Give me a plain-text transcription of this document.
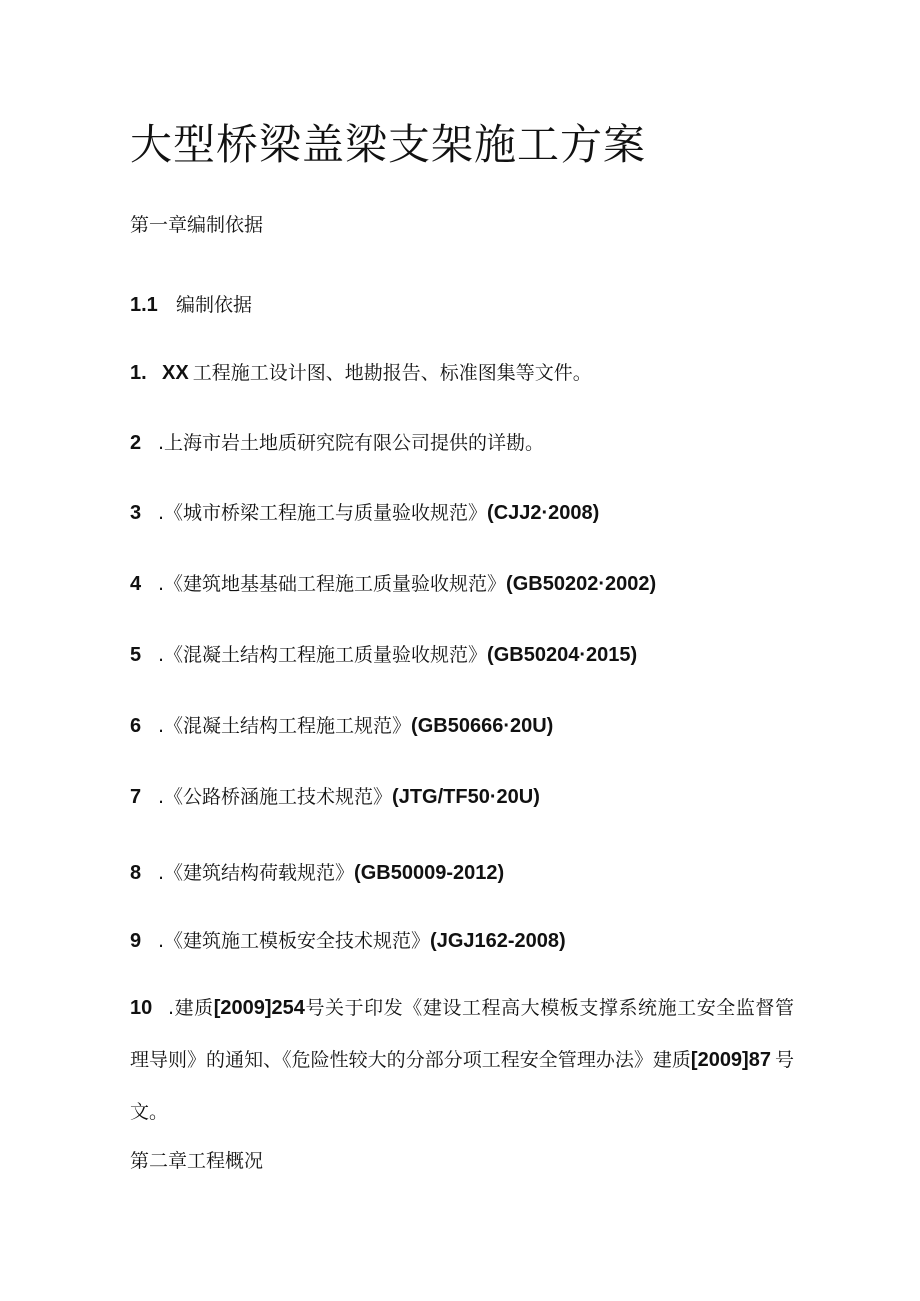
大型桥梁盖梁支架施工方案

第一章编制依据

1.1 编制依据
1. XX 工程施工设计图、地勘报告、标准图集等文件。
2 .上海市岩土地质研究院有限公司提供的详勘。
3 .《城市桥梁工程施工与质量验收规范》(CJJ2·2008)
4 .《建筑地基基础工程施工质量验收规范》(GB50202·2002)
5 .《混凝土结构工程施工质量验收规范》(GB50204·2015)
6 .《混凝土结构工程施工规范》(GB50666·20U)
7 .《公路桥涵施工技术规范》(JTG/TF50·20U)
8 .《建筑结构荷载规范》(GB50009-2012)
9 .《建筑施工模板安全技术规范》(JGJ162-2008)
10 .建质[2009]254号关于印发《建设工程高大模板支撑系统施工安全监督管理导则》的通知、《危险性较大的分部分项工程安全管理办法》建质[2009]87 号文。

第二章工程概况
